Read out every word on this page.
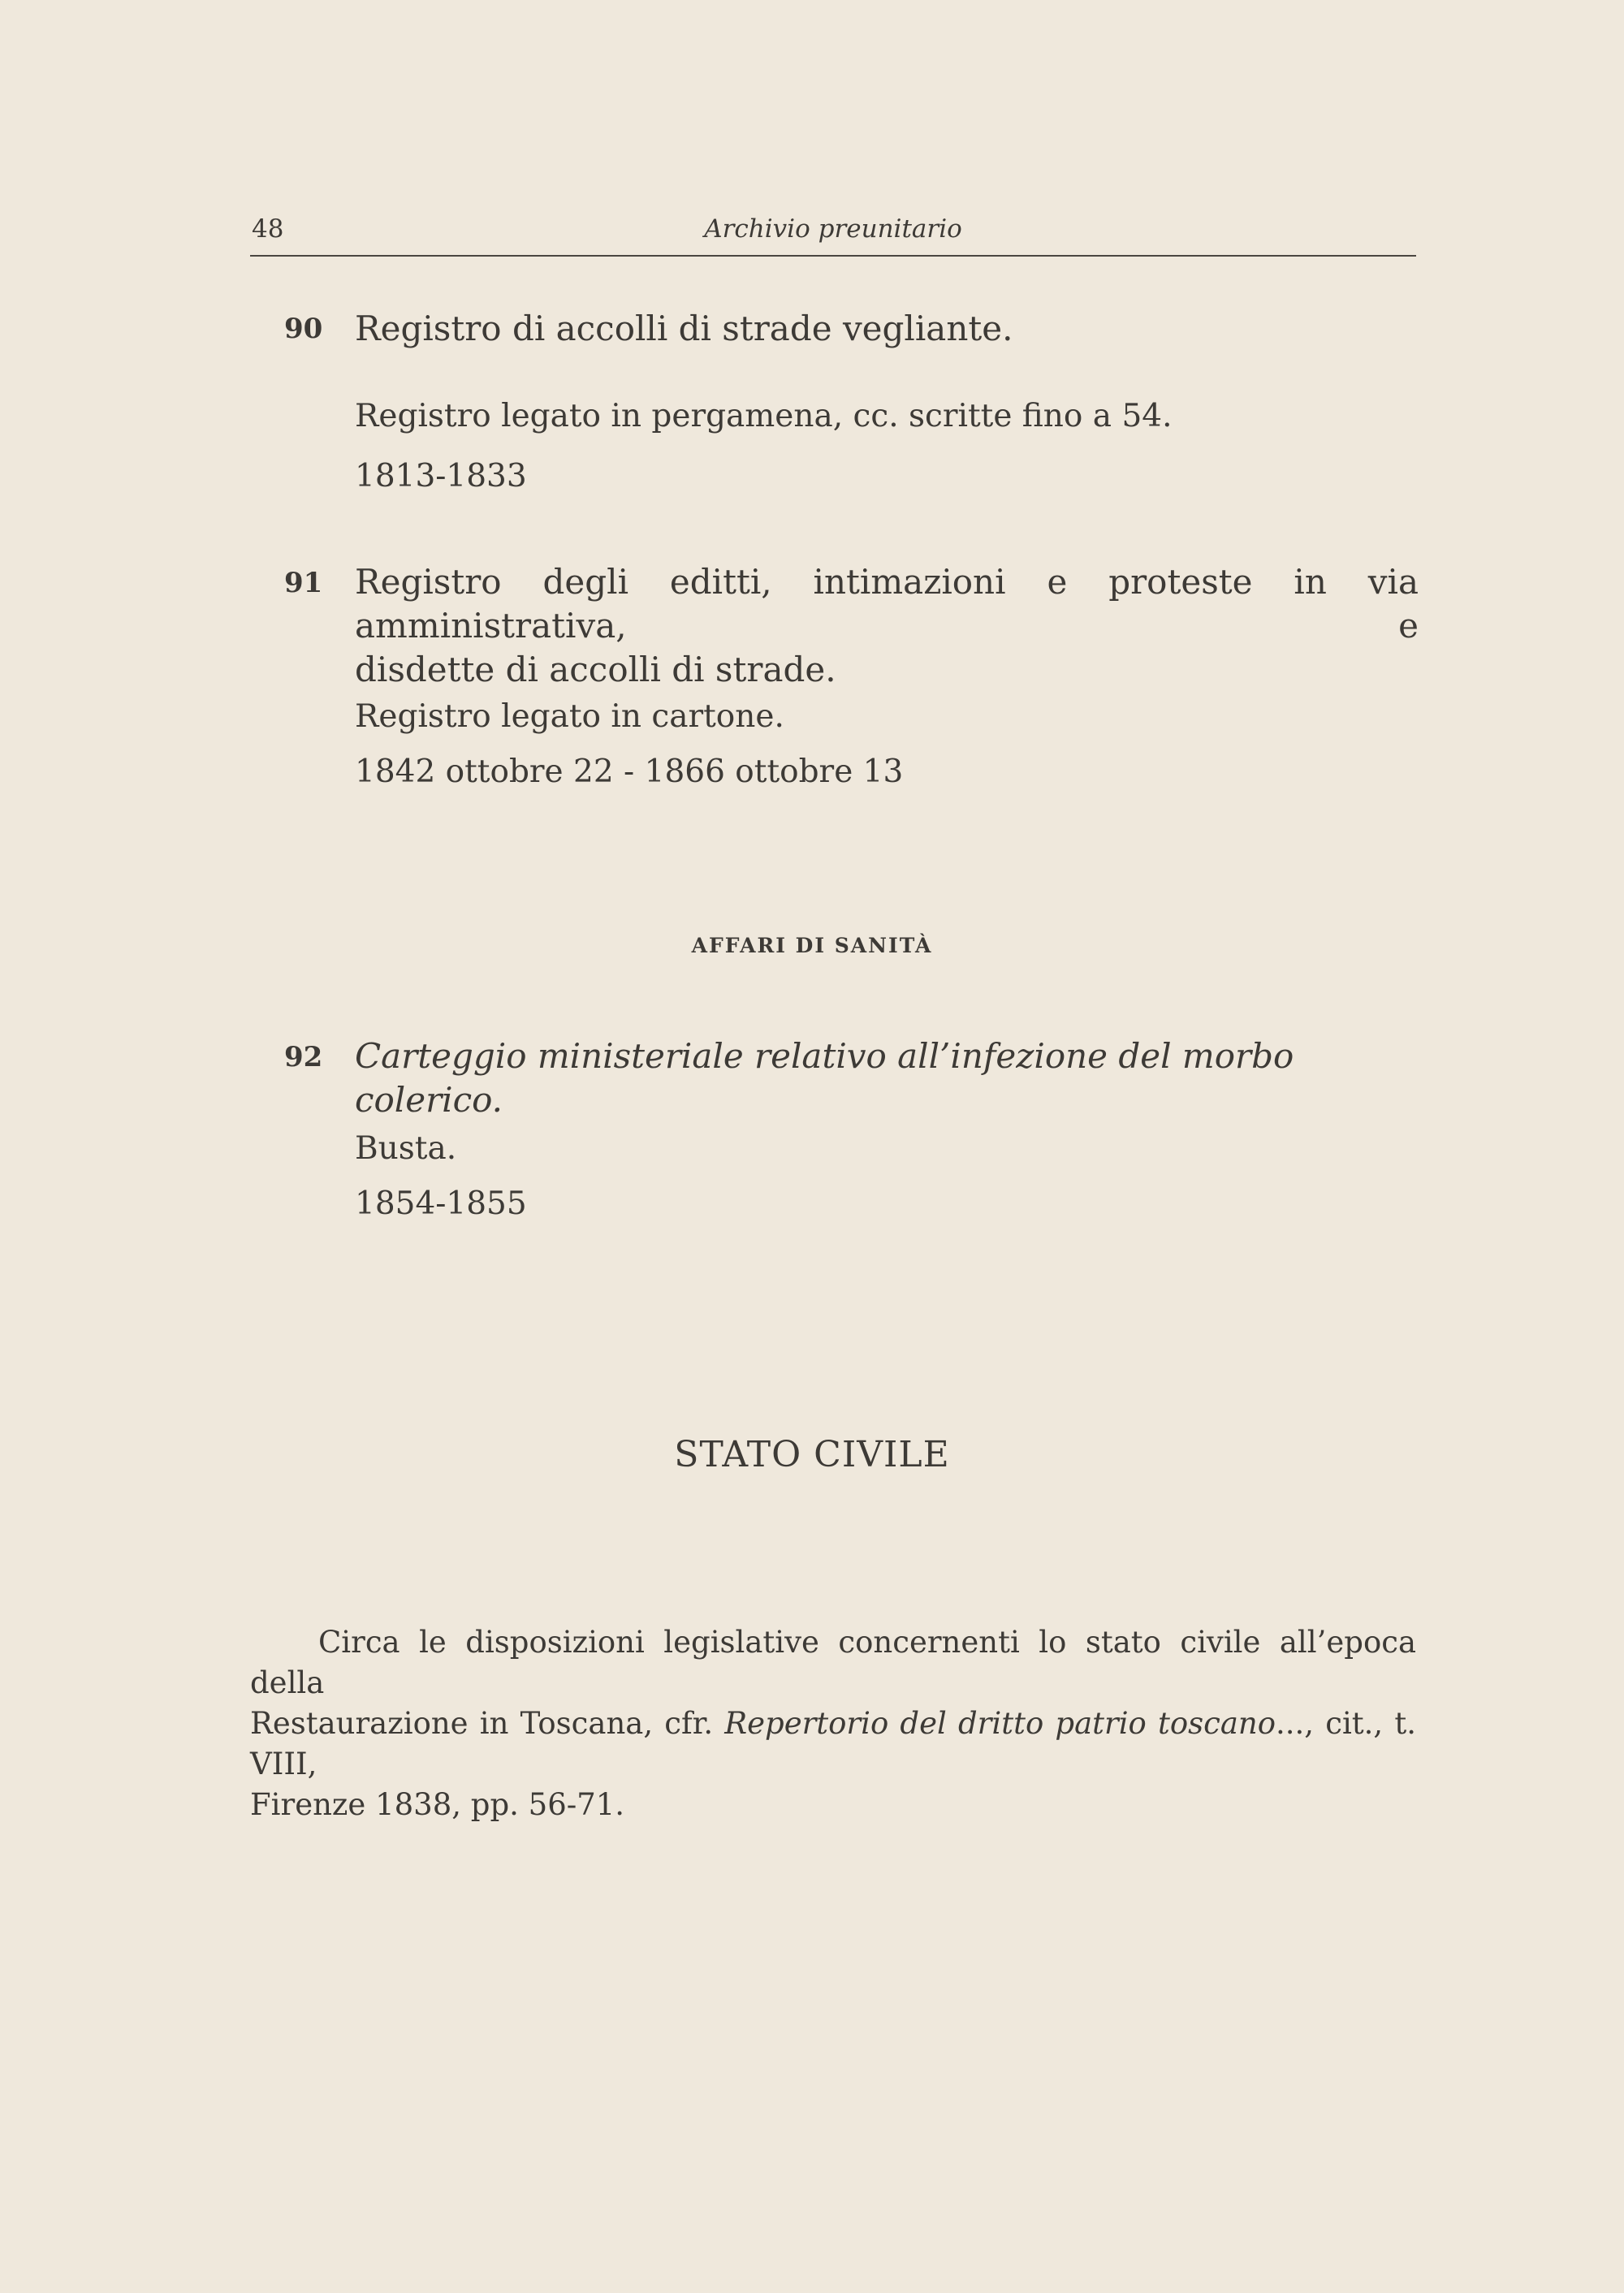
48	Archivio preunitario
90 Registro di accolli di strade vegliante.
Registro legato in pergamena, cc. scritte fino a 54.
1813-1833
91 Registro degli editti, intimazioni e proteste in via amministrativa, e
disdette di accolli di strade.
Registro legato in cartone.
1842 ottobre 22 - 1866 ottobre 13
AFFARI DI SANITÀ
92 Carteggio ministeriale relativo all’infezione del morbo colerico.
Busta.
1854-1855
STATO CIVILE
Circa le disposizioni legislative concernenti lo stato civile all’epoca della
Restaurazione in Toscana, cfr. Repertorio del dritto patrio toscano..., cit., t. VIII,
Firenze 1838, pp. 56-71.
